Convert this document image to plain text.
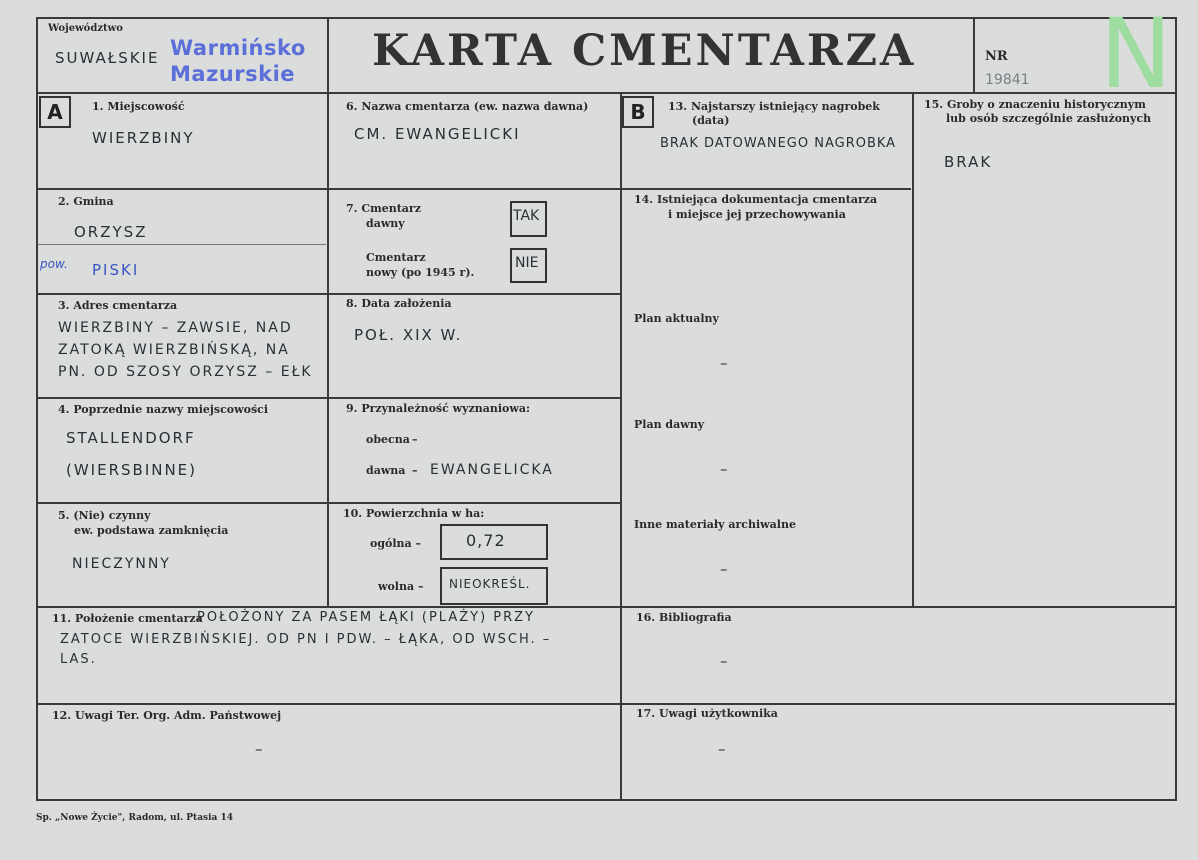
Województwo
SUWAŁSKIE Warmińsko
Mazurskie KARTA CMENTARZA	NR
19841 N
A	B
1. Miejscowość
WIERZBINY
6. Nazwa cmentarza (ew. nazwa dawna)
CM. EWANGELICKI
13. Najstarszy istniejący nagrobek
(data)
BRAK DATOWANEGO NAGROBKA
15. Groby o znaczeniu historycznym
lub osób szczególnie zasłużonych
BRAK
2. Gmina
ORZYSZ
pow. PISKI
7. Cmentarz
dawny	TAK
Cmentarz
nowy (po 1945 r).
NIE
14. Istniejąca dokumentacja cmentarza
i miejsce jej przechowywania
Plan aktualny
–
Plan dawny
–
Inne materiały archiwalne
–
3. Adres cmentarza
WIERZBINY – ZAWSIE, NAD
ZATOKĄ WIERZBIŃSKĄ, NA
PN. OD SZOSY ORZYSZ – EŁK
8. Data założenia
POŁ. XIX W.
4. Poprzednie nazwy miejscowości
STALLENDORF
(WIERSBINNE)
9. Przynależność wyznaniowa:
obecna –
dawna – EWANGELICKA
5. (Nie) czynny
ew. podstawa zamknięcia
NIECZYNNY
10. Powierzchnia w ha:
ogólna –	0,72
wolna – NIEOKREŚL.
11. Położenie cmentarza
POŁOŻONY ZA PASEM ŁĄKI (PLAŻY) PRZY
ZATOCE WIERZBIŃSKIEJ. OD PN I PDW. – ŁĄKA, OD WSCH. –
LAS.
16. Bibliografia
–
12. Uwagi Ter. Org. Adm. Państwowej
–
17. Uwagi użytkownika
–
Sp. „Nowe Życie", Radom, ul. Ptasia 14
